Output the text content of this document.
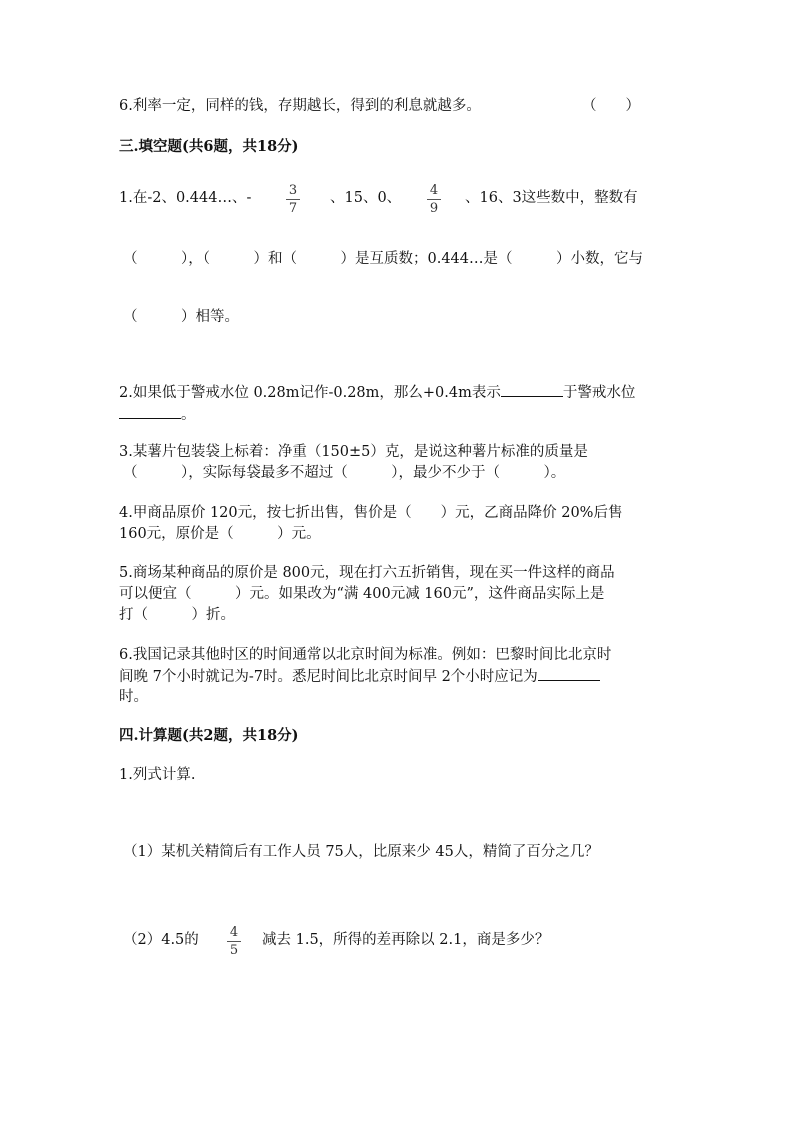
6.利率一定，同样的钱，存期越长，得到的利息就越多。	（　　）
三.填空题(共6题，共18分)
1.在-2、0.444…、-	3
7
、15、0、 4
9
、16、3这些数中，整数有
（　　　），（　　　）和（　　　）是互质数；0.444…是（　　　）小数，它与
（　　　）相等。
2.如果低于警戒水位 0.28m记作-0.28m，那么+0.4m表示	于警戒水位
。
3.某薯片包装袋上标着：净重（150±5）克，是说这种薯片标准的质量是
（　　　），实际每袋最多不超过（　　　），最少不少于（　　　）。
4.甲商品原价 120元，按七折出售，售价是（　　）元，乙商品降价 20%后售
160元，原价是（　　　）元。
5.商场某种商品的原价是 800元，现在打六五折销售，现在买一件这样的商品
可以便宜（　　　）元。如果改为“满 400元减 160元”，这件商品实际上是
打（　　　）折。
6.我国记录其他时区的时间通常以北京时间为标准。例如：巴黎时间比北京时
间晚 7个小时就记为-7时。悉尼时间比北京时间早 2个小时应记为
时。
四.计算题(共2题，共18分)
1.列式计算.
（1）某机关精简后有工作人员 75人，比原来少 45人，精简了百分之几？
（2）4.5的 4
5
减去 1.5，所得的差再除以 2.1，商是多少？
